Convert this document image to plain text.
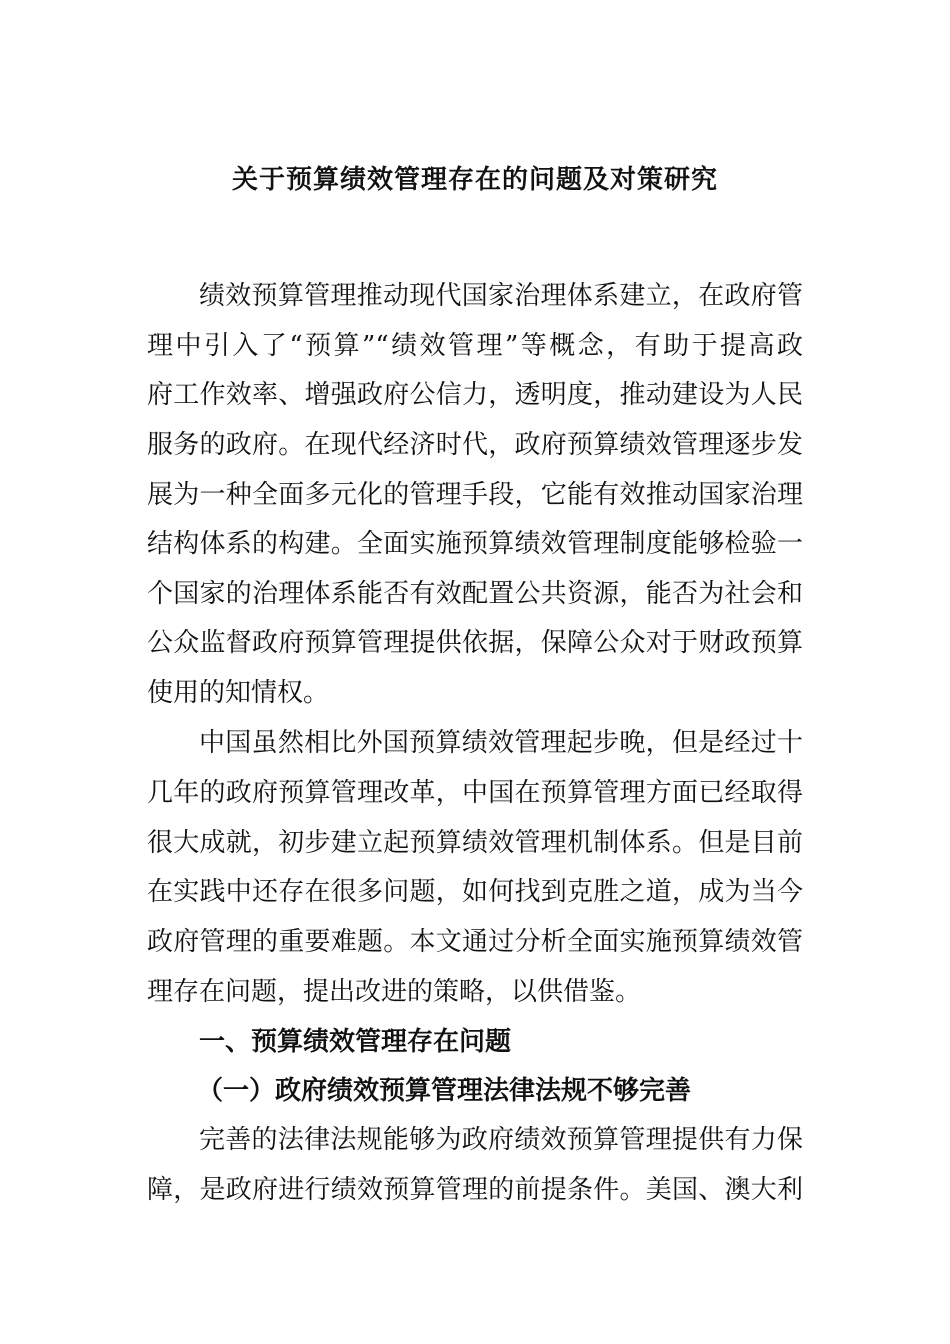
关于预算绩效管理存在的问题及对策研究
绩效预算管理推动现代国家治理体系建立，在政府管
理中引入了“预算”“绩效管理”等概念，有助于提高政
府工作效率、增强政府公信力，透明度，推动建设为人民
服务的政府。在现代经济时代，政府预算绩效管理逐步发
展为一种全面多元化的管理手段，它能有效推动国家治理
结构体系的构建。全面实施预算绩效管理制度能够检验一
个国家的治理体系能否有效配置公共资源，能否为社会和
公众监督政府预算管理提供依据，保障公众对于财政预算
使用的知情权。
中国虽然相比外国预算绩效管理起步晚，但是经过十
几年的政府预算管理改革，中国在预算管理方面已经取得
很大成就，初步建立起预算绩效管理机制体系。但是目前
在实践中还存在很多问题，如何找到克胜之道，成为当今
政府管理的重要难题。本文通过分析全面实施预算绩效管
理存在问题，提出改进的策略，以供借鉴。
一、预算绩效管理存在问题
（一）政府绩效预算管理法律法规不够完善
完善的法律法规能够为政府绩效预算管理提供有力保
障，是政府进行绩效预算管理的前提条件。美国、澳大利
